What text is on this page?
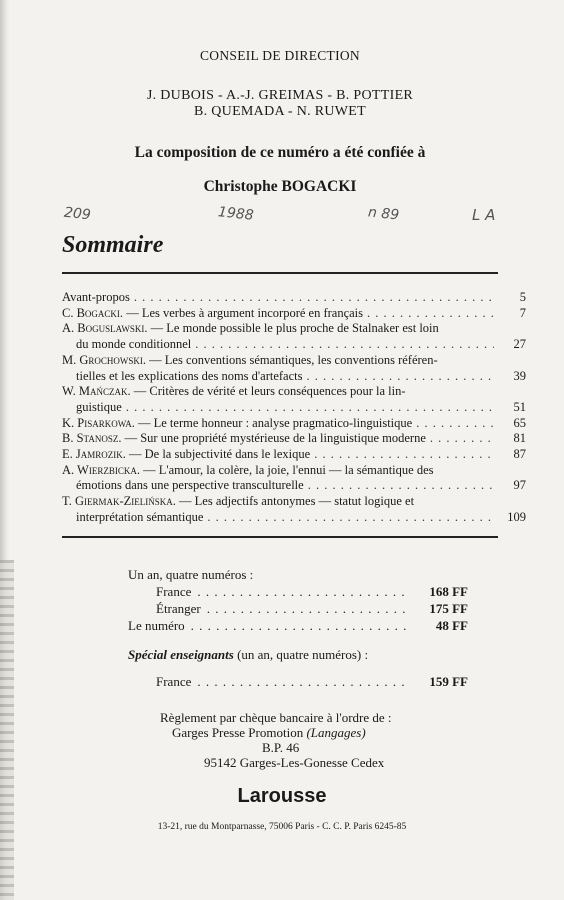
CONSEIL DE DIRECTION
J. DUBOIS - A.-J. GREIMAS - B. POTTIER
B. QUEMADA - N. RUWET
La composition de ce numéro a été confiée à
Christophe BOGACKI
209	1988	n 89	L A
Sommaire
Avant-propos . . .	5
C. Bogacki. — Les verbes à argument incorporé en français . . .	7
A. Boguslawski. — Le monde possible le plus proche de Stalnaker est loin
du monde conditionnel . . .	27
M. Grochowski. — Les conventions sémantiques, les conventions référen-
tielles et les explications des noms d'artefacts . . .	39
W. Mańczak. — Critères de vérité et leurs conséquences pour la lin-
guistique . . .	51
K. Pisarkowa. — Le terme honneur : analyse pragmatico-linguistique . . .	65
B. Stanosz. — Sur une propriété mystérieuse de la linguistique moderne . . .	81
E. Jamrozik. — De la subjectivité dans le lexique . . .	87
A. Wierzbicka. — L'amour, la colère, la joie, l'ennui — la sémantique des
émotions dans une perspective transculturelle . . .	97
T. Giermak-Zielińska. — Les adjectifs antonymes — statut logique et
interprétation sémantique . . .	109
Un an, quatre numéros :
France . . .	168 FF
Étranger . . .	175 FF
Le numéro . . .	48 FF
Spécial enseignants (un an, quatre numéros) :
France . . .	159 FF
Règlement par chèque bancaire à l'ordre de :
Garges Presse Promotion (Langages)
B.P. 46
95142 Garges-Les-Gonesse Cedex
Larousse
13-21, rue du Montparnasse, 75006 Paris - C. C. P. Paris 6245-85
